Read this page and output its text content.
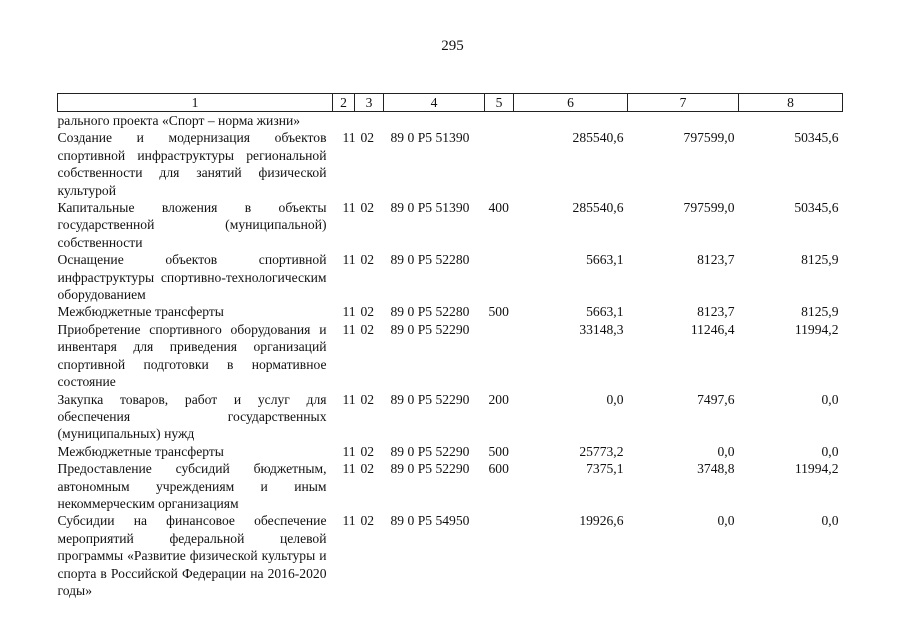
295
1	2	3	4	5	6	7	8
рального проекта «Спорт – норма жизни»							
Создание и модернизация объектов спортивной инфраструктуры региональной собственности для занятий физической культурой	11	02	89 0 P5 51390		285540,6	797599,0	50345,6
Капитальные вложения в объекты государственной (муниципальной) собственности	11	02	89 0 P5 51390	400	285540,6	797599,0	50345,6
Оснащение объектов спортивной инфраструктуры спортивно-технологическим оборудованием	11	02	89 0 P5 52280		5663,1	8123,7	8125,9
Межбюджетные трансферты	11	02	89 0 P5 52280	500	5663,1	8123,7	8125,9
Приобретение спортивного оборудования и инвентаря для приведения организаций спортивной подготовки в нормативное состояние	11	02	89 0 P5 52290		33148,3	11246,4	11994,2
Закупка товаров, работ и услуг для обеспечения государственных (муниципальных) нужд	11	02	89 0 P5 52290	200	0,0	7497,6	0,0
Межбюджетные трансферты	11	02	89 0 P5 52290	500	25773,2	0,0	0,0
Предоставление субсидий бюджетным, автономным учреждениям и иным некоммерческим организациям	11	02	89 0 P5 52290	600	7375,1	3748,8	11994,2
Субсидии на финансовое обеспечение мероприятий федеральной целевой программы «Развитие физической культуры и спорта в Российской Федерации на 2016-2020 годы»	11	02	89 0 P5 54950		19926,6	0,0	0,0
